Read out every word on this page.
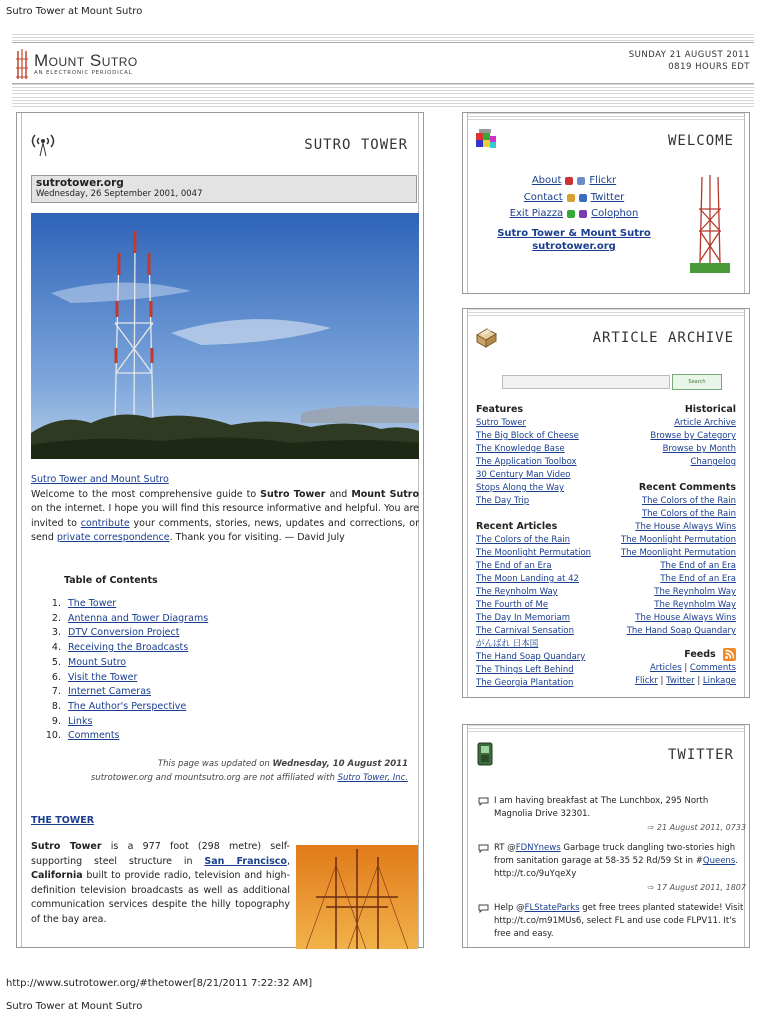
Sutro Tower at Mount Sutro
Mount Sutro
AN ELECTRONIC PERIODICAL
SUNDAY 21 AUGUST 2011
0819 HOURS EDT
SUTRO TOWER
sutrotower.org
Wednesday, 26 September 2001, 0047
Sutro Tower and Mount Sutro
Welcome to the most comprehensive guide to Sutro Tower and Mount Sutro on the internet. I hope you will find this resource informative and helpful. You are invited to contribute your comments, stories, news, updates and corrections, or send private correspondence. Thank you for visiting. — David July
Table of Contents
1. The Tower
2. Antenna and Tower Diagrams
3. DTV Conversion Project
4. Receiving the Broadcasts
5. Mount Sutro
6. Visit the Tower
7. Internet Cameras
8. The Author's Perspective
9. Links
10. Comments
This page was updated on Wednesday, 10 August 2011
sutrotower.org and mountsutro.org are not affiliated with Sutro Tower, Inc.
THE TOWER
Sutro Tower is a 977 foot (298 metre) self-supporting steel structure in San Francisco, California built to provide radio, television and high-definition television broadcasts as well as additional communication services despite the hilly topography of the bay area.
WELCOME
About	Flickr
Contact	Twitter
Exit Piazza	Colophon
Sutro Tower & Mount Sutro
sutrotower.org
ARTICLE ARCHIVE
Search
Features
Sutro Tower
The Big Block of Cheese
The Knowledge Base
The Application Toolbox
30 Century Man Video
Stops Along the Way
The Day Trip
Recent Articles
The Colors of the Rain
The Moonlight Permutation
The End of an Era
The Moon Landing at 42
The Reynholm Way
The Fourth of Me
The Day In Memoriam
The Carnival Sensation
がんばれ 日本国
The Hand Soap Quandary
The Things Left Behind
The Georgia Plantation
Historical
Article Archive
Browse by Category
Browse by Month
Changelog
Recent Comments
The Colors of the Rain
The Colors of the Rain
The House Always Wins
The Moonlight Permutation
The Moonlight Permutation
The End of an Era
The End of an Era
The Reynholm Way
The Reynholm Way
The House Always Wins
The Hand Soap Quandary
Feeds
Articles | Comments
Flickr | Twitter | Linkage
TWITTER
I am having breakfast at The Lunchbox, 295 North Magnolia Drive 32301.
⇨ 21 August 2011, 0733
RT @FDNYnews Garbage truck dangling two-stories high from sanitation garage at 58-35 52 Rd/59 St in #Queens. http://t.co/9uYqeXy
⇨ 17 August 2011, 1807
Help @FLStateParks get free trees planted statewide! Visit http://t.co/m91MUs6, select FL and use code FLPV11. It's free and easy.
http://www.sutrotower.org/#thetower[8/21/2011 7:22:32 AM]
Sutro Tower at Mount Sutro
